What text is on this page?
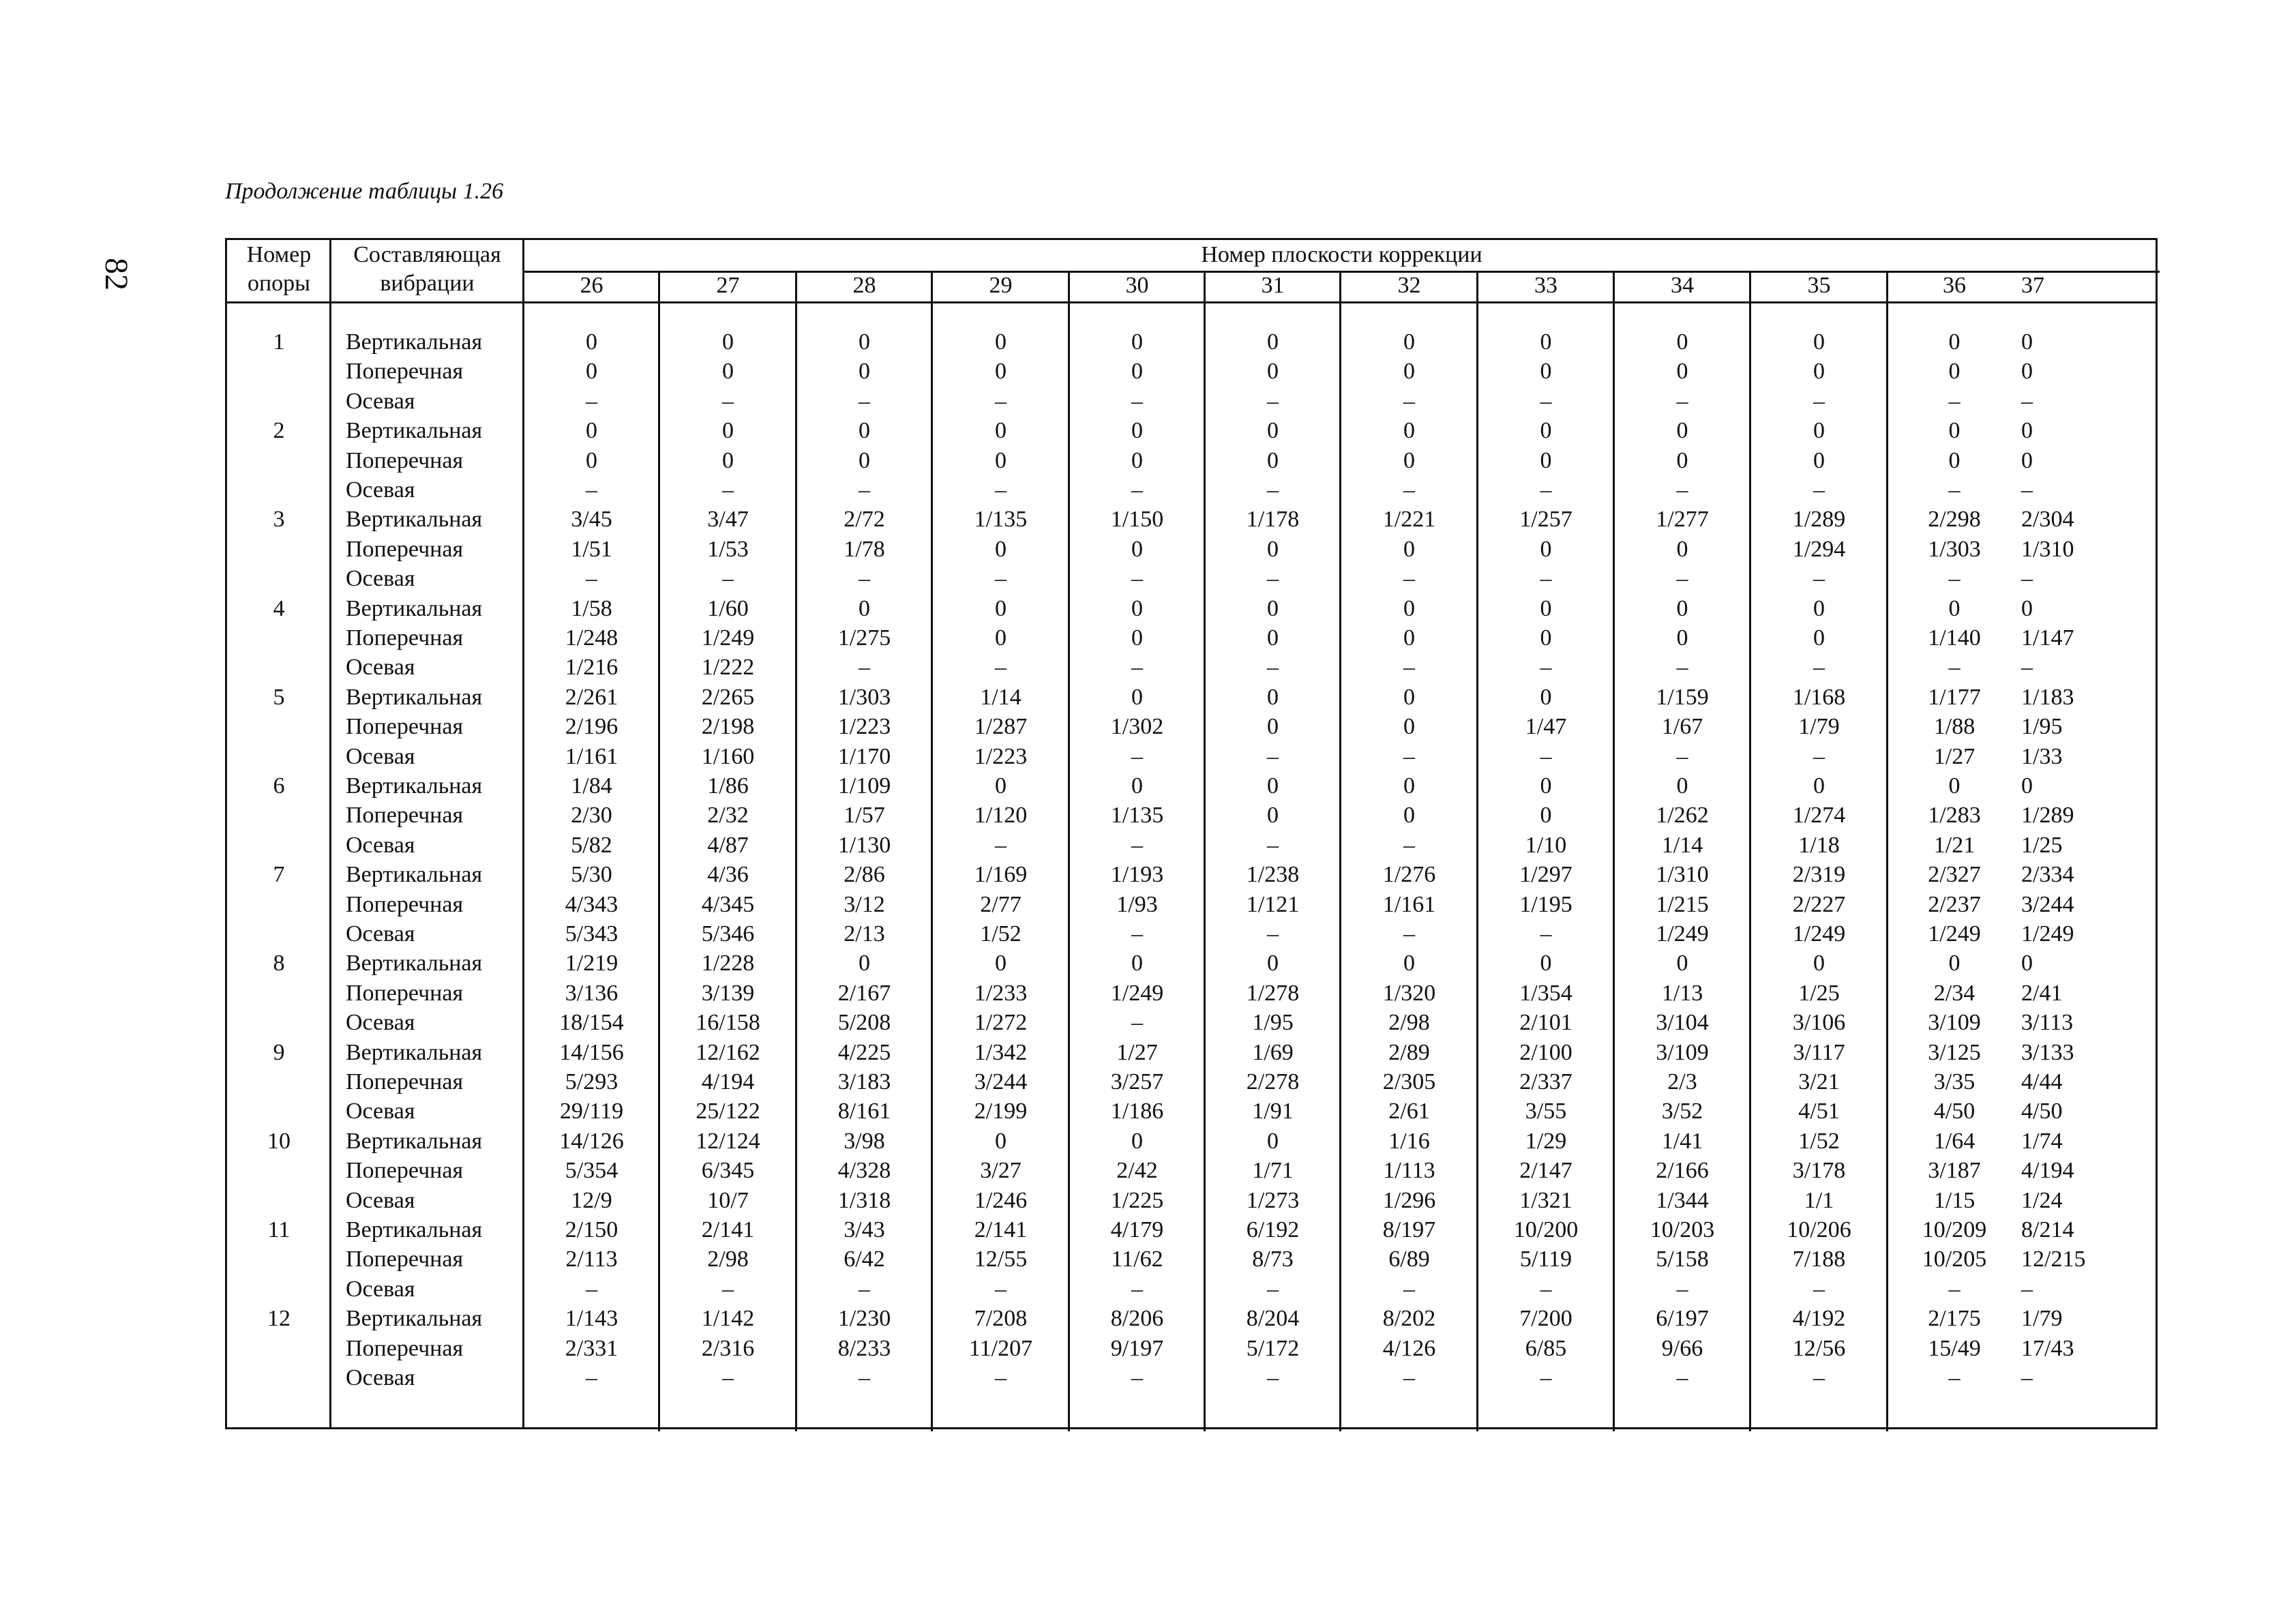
82
Продолжение таблицы 1.26
Номер
опоры
Составляющая
вибрации
Номер плоскости коррекции
26	27	28	29	30	31	32	33	34	35	36	37
1	Вертикальная	0	0	0	0	0	0	0	0	0	0	0	0
Поперечная	0	0	0	0	0	0	0	0	0	0	0	0
Осевая	–	–	–	–	–	–	–	–	–	–	–	–
2	Вертикальная	0	0	0	0	0	0	0	0	0	0	0	0
Поперечная	0	0	0	0	0	0	0	0	0	0	0	0
Осевая	–	–	–	–	–	–	–	–	–	–	–	–
3	Вертикальная	3/45	3/47	2/72	1/135	1/150	1/178	1/221	1/257	1/277	1/289	2/298	2/304
Поперечная	1/51	1/53	1/78	0	0	0	0	0	0	1/294	1/303	1/310
Осевая	–	–	–	–	–	–	–	–	–	–	–	–
4	Вертикальная	1/58	1/60	0	0	0	0	0	0	0	0	0	0
Поперечная	1/248	1/249	1/275	0	0	0	0	0	0	0	1/140	1/147
Осевая	1/216	1/222	–	–	–	–	–	–	–	–	–	–
5	Вертикальная	2/261	2/265	1/303	1/14	0	0	0	0	1/159	1/168	1/177	1/183
Поперечная	2/196	2/198	1/223	1/287	1/302	0	0	1/47	1/67	1/79	1/88	1/95
Осевая	1/161	1/160	1/170	1/223	–	–	–	–	–	–	1/27	1/33
6	Вертикальная	1/84	1/86	1/109	0	0	0	0	0	0	0	0	0
Поперечная	2/30	2/32	1/57	1/120	1/135	0	0	0	1/262	1/274	1/283	1/289
Осевая	5/82	4/87	1/130	–	–	–	–	1/10	1/14	1/18	1/21	1/25
7	Вертикальная	5/30	4/36	2/86	1/169	1/193	1/238	1/276	1/297	1/310	2/319	2/327	2/334
Поперечная	4/343	4/345	3/12	2/77	1/93	1/121	1/161	1/195	1/215	2/227	2/237	3/244
Осевая	5/343	5/346	2/13	1/52	–	–	–	–	1/249	1/249	1/249	1/249
8	Вертикальная	1/219	1/228	0	0	0	0	0	0	0	0	0	0
Поперечная	3/136	3/139	2/167	1/233	1/249	1/278	1/320	1/354	1/13	1/25	2/34	2/41
Осевая	18/154	16/158	5/208	1/272	–	1/95	2/98	2/101	3/104	3/106	3/109	3/113
9	Вертикальная	14/156	12/162	4/225	1/342	1/27	1/69	2/89	2/100	3/109	3/117	3/125	3/133
Поперечная	5/293	4/194	3/183	3/244	3/257	2/278	2/305	2/337	2/3	3/21	3/35	4/44
Осевая	29/119	25/122	8/161	2/199	1/186	1/91	2/61	3/55	3/52	4/51	4/50	4/50
10	Вертикальная	14/126	12/124	3/98	0	0	0	1/16	1/29	1/41	1/52	1/64	1/74
Поперечная	5/354	6/345	4/328	3/27	2/42	1/71	1/113	2/147	2/166	3/178	3/187	4/194
Осевая	12/9	10/7	1/318	1/246	1/225	1/273	1/296	1/321	1/344	1/1	1/15	1/24
11	Вертикальная	2/150	2/141	3/43	2/141	4/179	6/192	8/197	10/200	10/203	10/206	10/209	8/214
Поперечная	2/113	2/98	6/42	12/55	11/62	8/73	6/89	5/119	5/158	7/188	10/205	12/215
Осевая	–	–	–	–	–	–	–	–	–	–	–	–
12	Вертикальная	1/143	1/142	1/230	7/208	8/206	8/204	8/202	7/200	6/197	4/192	2/175	1/79
Поперечная	2/331	2/316	8/233	11/207	9/197	5/172	4/126	6/85	9/66	12/56	15/49	17/43
Осевая	–	–	–	–	–	–	–	–	–	–	–	–
